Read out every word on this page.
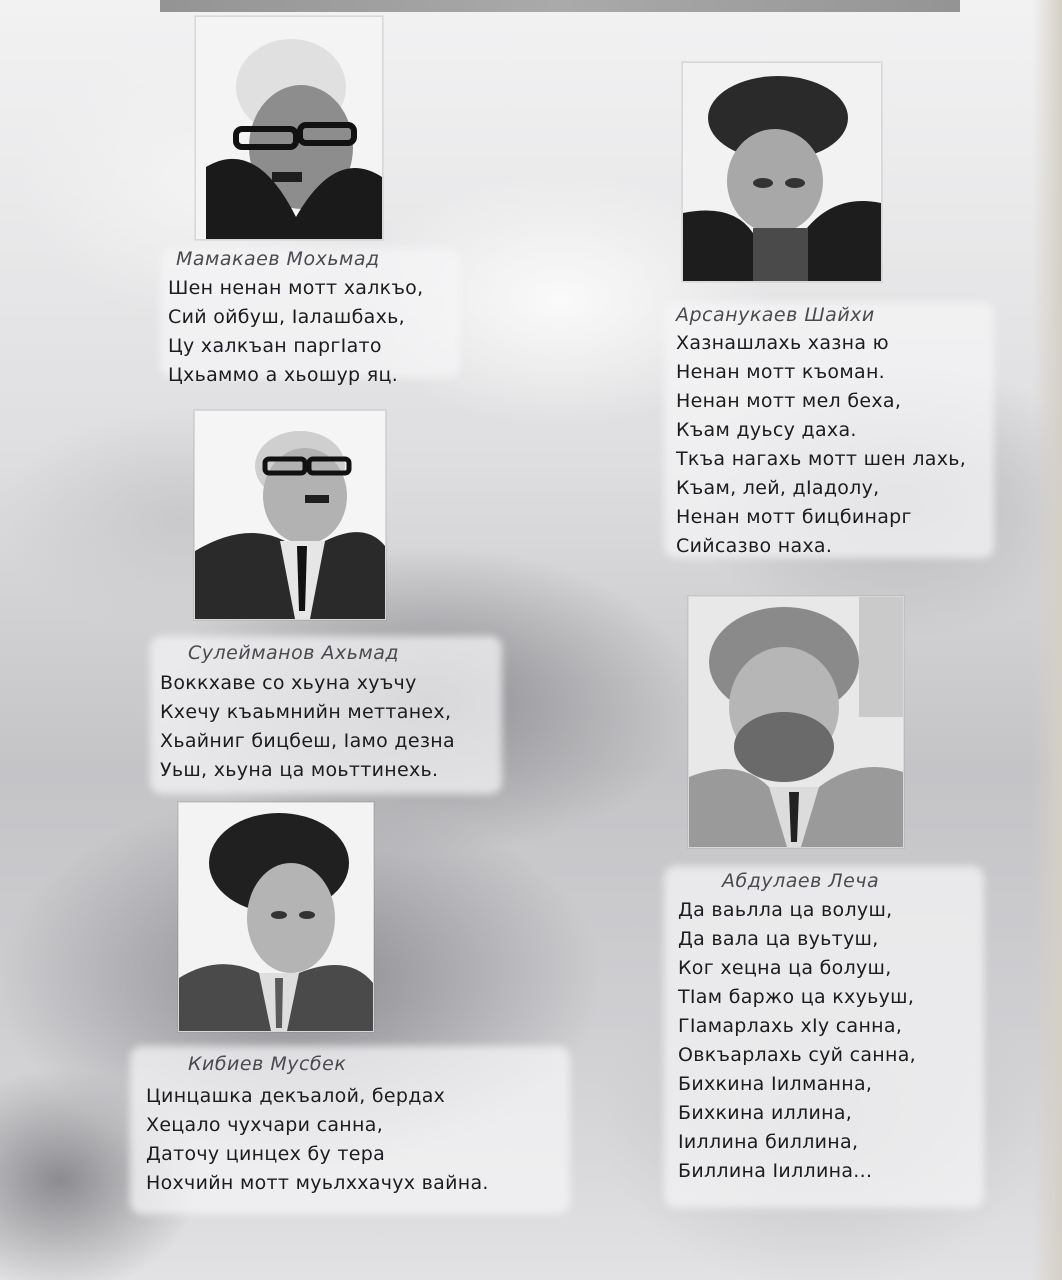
Мамакаев Мохьмад
Шен ненан мотт халкъо,
Сий ойбуш, Iалашбахь,
Цу халкъан паргIато
Цхьаммо а хьошур яц.
Арсанукаев Шайхи
Хазнашлахь хазна ю
Ненан мотт къоман.
Ненан мотт мел беха,
Къам дуьсу даха.
Ткъа нагахь мотт шен лахь,
Къам, лей, дIадолу,
Ненан мотт бицбинарг
Сийсазво наха.
Сулейманов Ахьмад
Воккхаве со хьуна хуъчу
Кхечу къаьмнийн меттанех,
Хьайниг бицбеш, Iамо дезна
Уьш, хьуна ца моьттинехь.
Абдулаев Леча
Да ваьлла ца волуш,
Да вала ца вуьтуш,
Ког хецна ца болуш,
ТIам баржо ца кхуьуш,
ГIамарлахь хIу санна,
Овкъарлахь суй санна,
Бихкина Iилманна,
Бихкина иллина,
Iиллина биллина,
Биллина Iиллина...
Кибиев Мусбек
Цинцашка декъалой, бердах
Хецало чухчари санна,
Даточу цинцех бу тера
Нохчийн мотт муьлххачух вайна.
